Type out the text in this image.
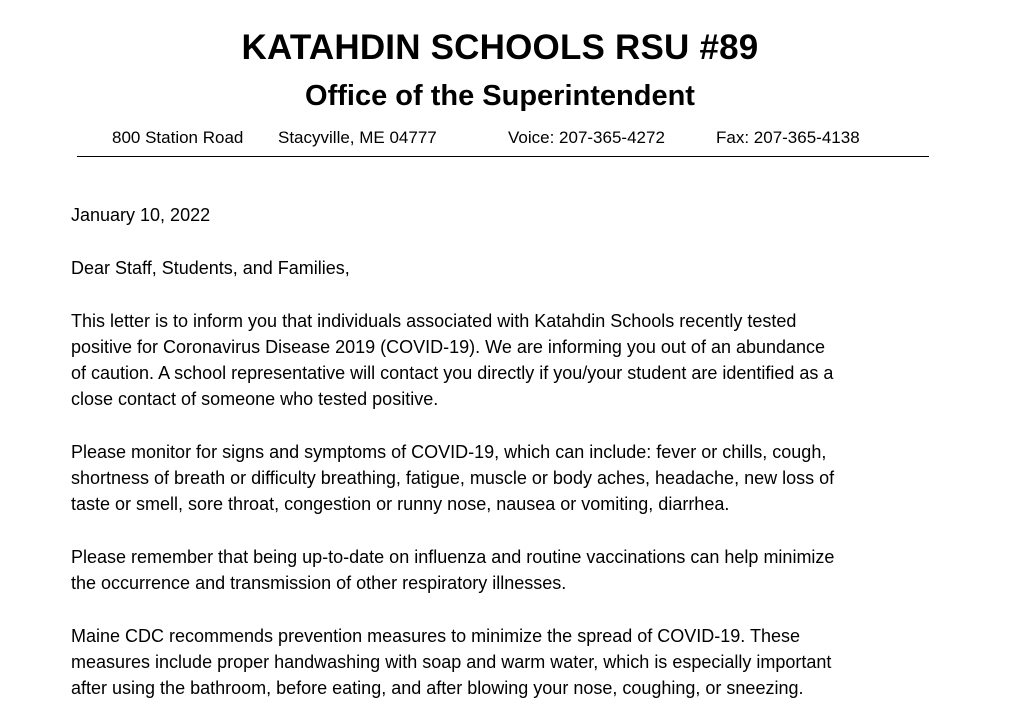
KATAHDIN SCHOOLS RSU #89
Office of the Superintendent
800 Station Road Stacyville, ME 04777	Voice: 207-365-4272	Fax: 207-365-4138

January 10, 2022

Dear Staff, Students, and Families,

This letter is to inform you that individuals associated with Katahdin Schools recently tested
positive for Coronavirus Disease 2019 (COVID-19). We are informing you out of an abundance
of caution. A school representative will contact you directly if you/your student are identified as a
close contact of someone who tested positive.

Please monitor for signs and symptoms of COVID-19, which can include: fever or chills, cough,
shortness of breath or difficulty breathing, fatigue, muscle or body aches, headache, new loss of
taste or smell, sore throat, congestion or runny nose, nausea or vomiting, diarrhea.

Please remember that being up-to-date on influenza and routine vaccinations can help minimize
the occurrence and transmission of other respiratory illnesses.

Maine CDC recommends prevention measures to minimize the spread of COVID-19. These
measures include proper handwashing with soap and warm water, which is especially important
after using the bathroom, before eating, and after blowing your nose, coughing, or sneezing.
